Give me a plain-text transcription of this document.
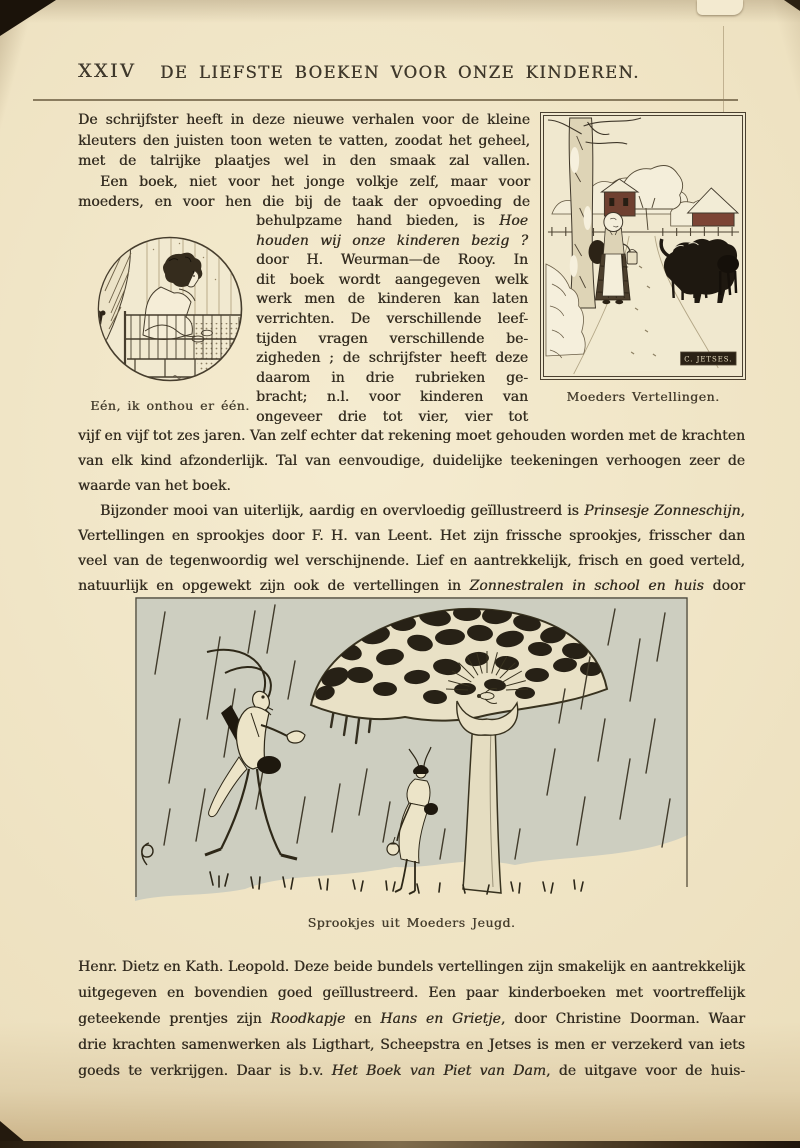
XXIV	DE LIEFSTE BOEKEN VOOR ONZE KINDEREN.
De schrijfster heeft in deze nieuwe verhalen voor de kleine
kleuters den juisten toon weten te vatten, zoodat het geheel,
met de talrijke plaatjes wel in den smaak zal vallen.
Een boek, niet voor het jonge volkje zelf, maar voor
moeders, en voor hen die bij de taak der opvoeding de
behulpzame hand bieden, is Hoe
houden wij onze kinderen bezig ?
door H. Weurman—de Rooy. In
dit boek wordt aangegeven welk
werk men de kinderen kan laten
verrichten. De verschillende leef-
tijden vragen verschillende be-
zigheden ; de schrijfster heeft deze
daarom in drie rubrieken ge-
bracht; n.l. voor kinderen van
ongeveer drie tot vier, vier tot
vijf en vijf tot zes jaren. Van zelf echter dat rekening moet gehouden worden met de krachten
van elk kind afzonderlijk. Tal van eenvoudige, duidelijke teekeningen verhoogen zeer de
waarde van het boek.
Bijzonder mooi van uiterlijk, aardig en overvloedig geïllustreerd is Prinsesje Zonneschijn,
Vertellingen en sprookjes door F. H. van Leent. Het zijn frissche sprookjes, frisscher dan
veel van de tegenwoordig wel verschijnende. Lief en aantrekkelijk, frisch en goed verteld,
natuurlijk en opgewekt zijn ook de vertellingen in Zonnestralen in school en huis door
Henr. Dietz en Kath. Leopold. Deze beide bundels vertellingen zijn smakelijk en aantrekkelijk
uitgegeven en bovendien goed geïllustreerd. Een paar kinderboeken met voortreffelijk
geteekende prentjes zijn Roodkapje en Hans en Grietje, door Christine Doorman. Waar
drie krachten samenwerken als Ligthart, Scheepstra en Jetses is men er verzekerd van iets
goeds te verkrijgen. Daar is b.v. Het Boek van Piet van Dam, de uitgave voor de huis-
C. JETSES.
Moeders Vertellingen.
Eén, ik onthou er één.
Sprookjes uit Moeders Jeugd.
